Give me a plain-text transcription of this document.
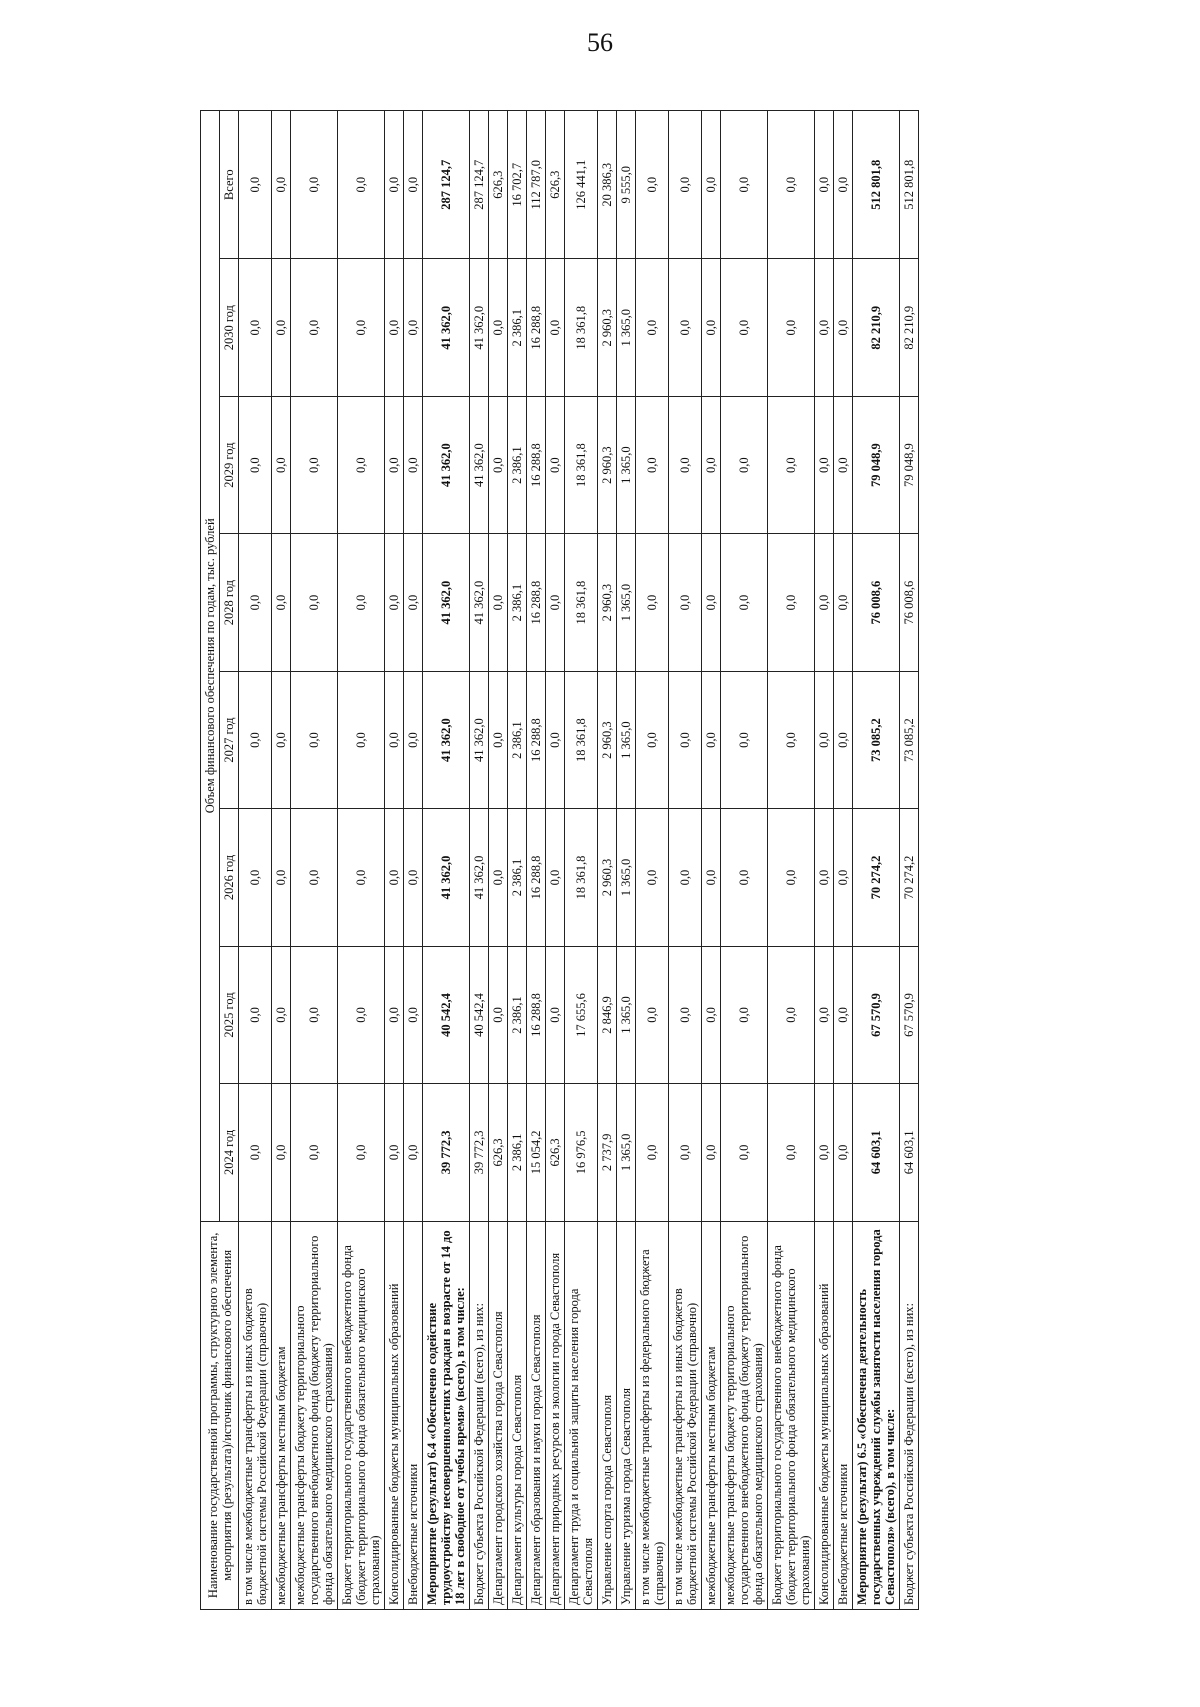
56
Наименование государственной программы, структурного элемента, мероприятия (результата)/источник финансового обеспечения	Объем финансового обеспечения по годам, тыс. рублей							
	2024 год	2025 год	2026 год	2027 год	2028 год	2029 год	2030 год	Всего
в том числе межбюджетные трансферты из иных бюджетов бюджетной системы Российской Федерации (справочно)	0,0	0,0	0,0	0,0	0,0	0,0	0,0	0,0
межбюджетные трансферты местным бюджетам	0,0	0,0	0,0	0,0	0,0	0,0	0,0	0,0
межбюджетные трансферты бюджету территориального государственного внебюджетного фонда (бюджету территориального фонда обязательного медицинского страхования)	0,0	0,0	0,0	0,0	0,0	0,0	0,0	0,0
Бюджет территориального государственного внебюджетного фонда (бюджет территориального фонда обязательного медицинского страхования)	0,0	0,0	0,0	0,0	0,0	0,0	0,0	0,0
Консолидированные бюджеты муниципальных образований	0,0	0,0	0,0	0,0	0,0	0,0	0,0	0,0
Внебюджетные источники	0,0	0,0	0,0	0,0	0,0	0,0	0,0	0,0
Мероприятие (результат) 6.4 «Обеспечено содействие трудоустройству несовершеннолетних граждан в возрасте от 14 до 18 лет в свободное от учебы время» (всего), в том числе:	39 772,3	40 542,4	41 362,0	41 362,0	41 362,0	41 362,0	41 362,0	287 124,7
Бюджет субъекта Российской Федерации (всего), из них:	39 772,3	40 542,4	41 362,0	41 362,0	41 362,0	41 362,0	41 362,0	287 124,7
Департамент городского хозяйства города Севастополя	626,3	0,0	0,0	0,0	0,0	0,0	0,0	626,3
Департамент культуры города Севастополя	2 386,1	2 386,1	2 386,1	2 386,1	2 386,1	2 386,1	2 386,1	16 702,7
Департамент образования и науки города Севастополя	15 054,2	16 288,8	16 288,8	16 288,8	16 288,8	16 288,8	16 288,8	112 787,0
Департамент природных ресурсов и экологии города Севастополя	626,3	0,0	0,0	0,0	0,0	0,0	0,0	626,3
Департамент труда и социальной защиты населения города Севастополя	16 976,5	17 655,6	18 361,8	18 361,8	18 361,8	18 361,8	18 361,8	126 441,1
Управление спорта города Севастополя	2 737,9	2 846,9	2 960,3	2 960,3	2 960,3	2 960,3	2 960,3	20 386,3
Управление туризма города Севастополя	1 365,0	1 365,0	1 365,0	1 365,0	1 365,0	1 365,0	1 365,0	9 555,0
в том числе межбюджетные трансферты из федерального бюджета (справочно)	0,0	0,0	0,0	0,0	0,0	0,0	0,0	0,0
в том числе межбюджетные трансферты из иных бюджетов бюджетной системы Российской Федерации (справочно)	0,0	0,0	0,0	0,0	0,0	0,0	0,0	0,0
межбюджетные трансферты местным бюджетам	0,0	0,0	0,0	0,0	0,0	0,0	0,0	0,0
межбюджетные трансферты бюджету территориального государственного внебюджетного фонда (бюджету территориального фонда обязательного медицинского страхования)	0,0	0,0	0,0	0,0	0,0	0,0	0,0	0,0
Бюджет территориального государственного внебюджетного фонда (бюджет территориального фонда обязательного медицинского страхования)	0,0	0,0	0,0	0,0	0,0	0,0	0,0	0,0
Консолидированные бюджеты муниципальных образований	0,0	0,0	0,0	0,0	0,0	0,0	0,0	0,0
Внебюджетные источники	0,0	0,0	0,0	0,0	0,0	0,0	0,0	0,0
Мероприятие (результат) 6.5 «Обеспечена деятельность государственных учреждений службы занятости населения города Севастополя» (всего), в том числе:	64 603,1	67 570,9	70 274,2	73 085,2	76 008,6	79 048,9	82 210,9	512 801,8
Бюджет субъекта Российской Федерации (всего), из них:	64 603,1	67 570,9	70 274,2	73 085,2	76 008,6	79 048,9	82 210,9	512 801,8
